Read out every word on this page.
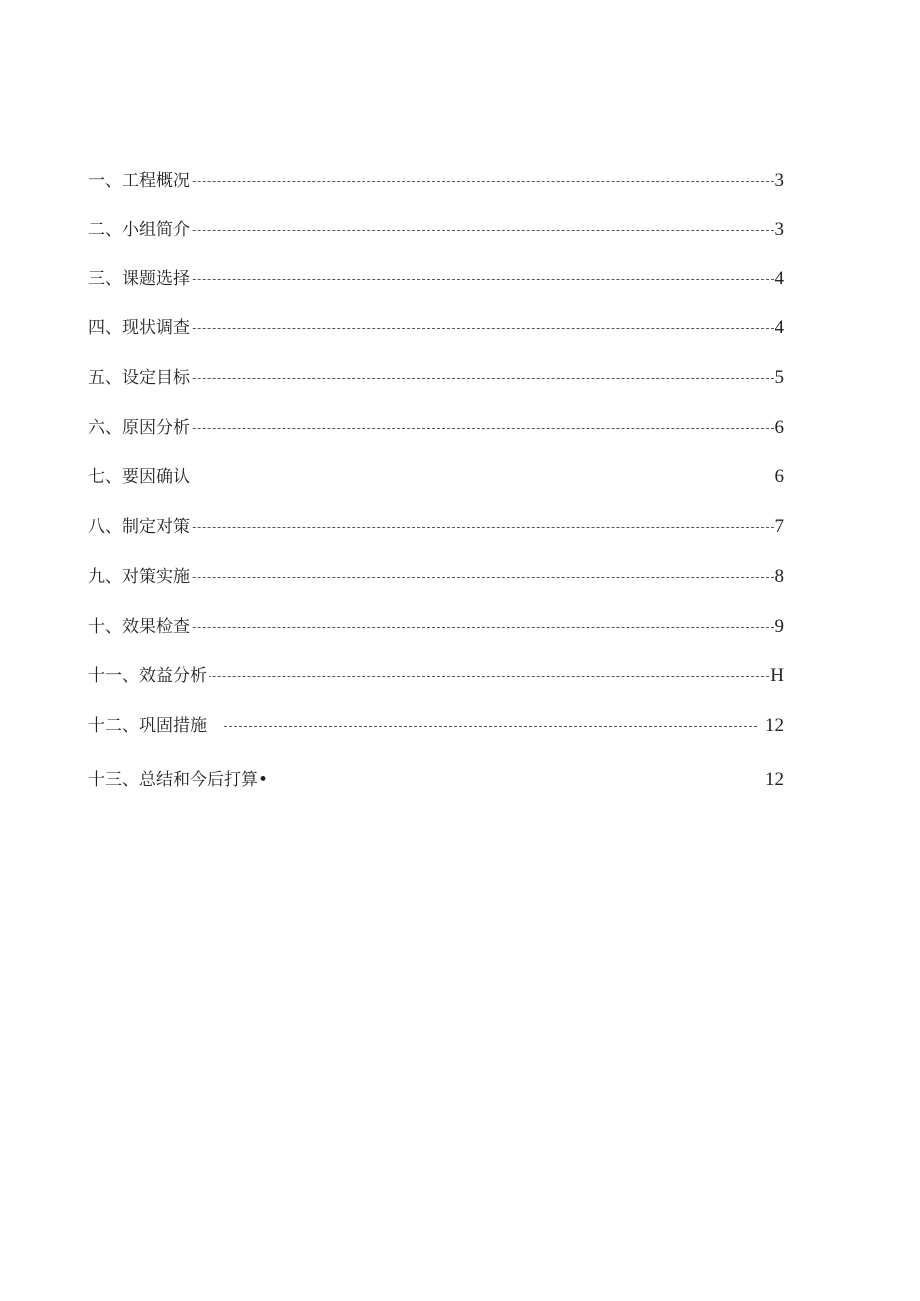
一、工程概况	3
二、小组简介	3
三、课题选择	4
四、现状调查	4
五、设定目标	5
六、原因分析	6
七、要因确认	6
八、制定对策	7
九、对策实施	8
十、效果检查	9
十一、效益分析	H
十二、巩固措施	12
十三、总结和今后打算•	12
